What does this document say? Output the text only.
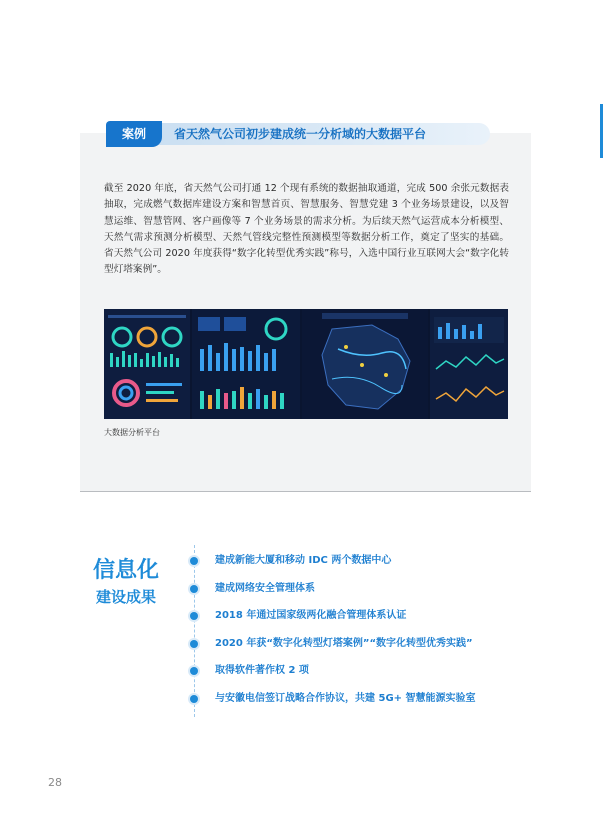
案例	省天然气公司初步建成统一分析域的大数据平台
截至 2020 年底，省天然气公司打通 12 个现有系统的数据抽取通道，完成 500 余张元数据表抽取，完成燃气数据库建设方案和智慧首页、智慧服务、智慧党建 3 个业务场景建设，以及智慧运维、智慧管网、客户画像等 7 个业务场景的需求分析。为后续天然气运营成本分析模型、天然气需求预测分析模型、天然气管线完整性预测模型等数据分析工作，奠定了坚实的基础。省天然气公司 2020 年度获得“数字化转型优秀实践”称号，入选中国行业互联网大会“数字化转型灯塔案例”。
大数据分析平台
信息化
建设成果
建成新能大厦和移动 IDC 两个数据中心
建成网络安全管理体系
2018 年通过国家级两化融合管理体系认证
2020 年获“数字化转型灯塔案例”“数字化转型优秀实践”
取得软件著作权 2 项
与安徽电信签订战略合作协议，共建 5G+ 智慧能源实验室
28
